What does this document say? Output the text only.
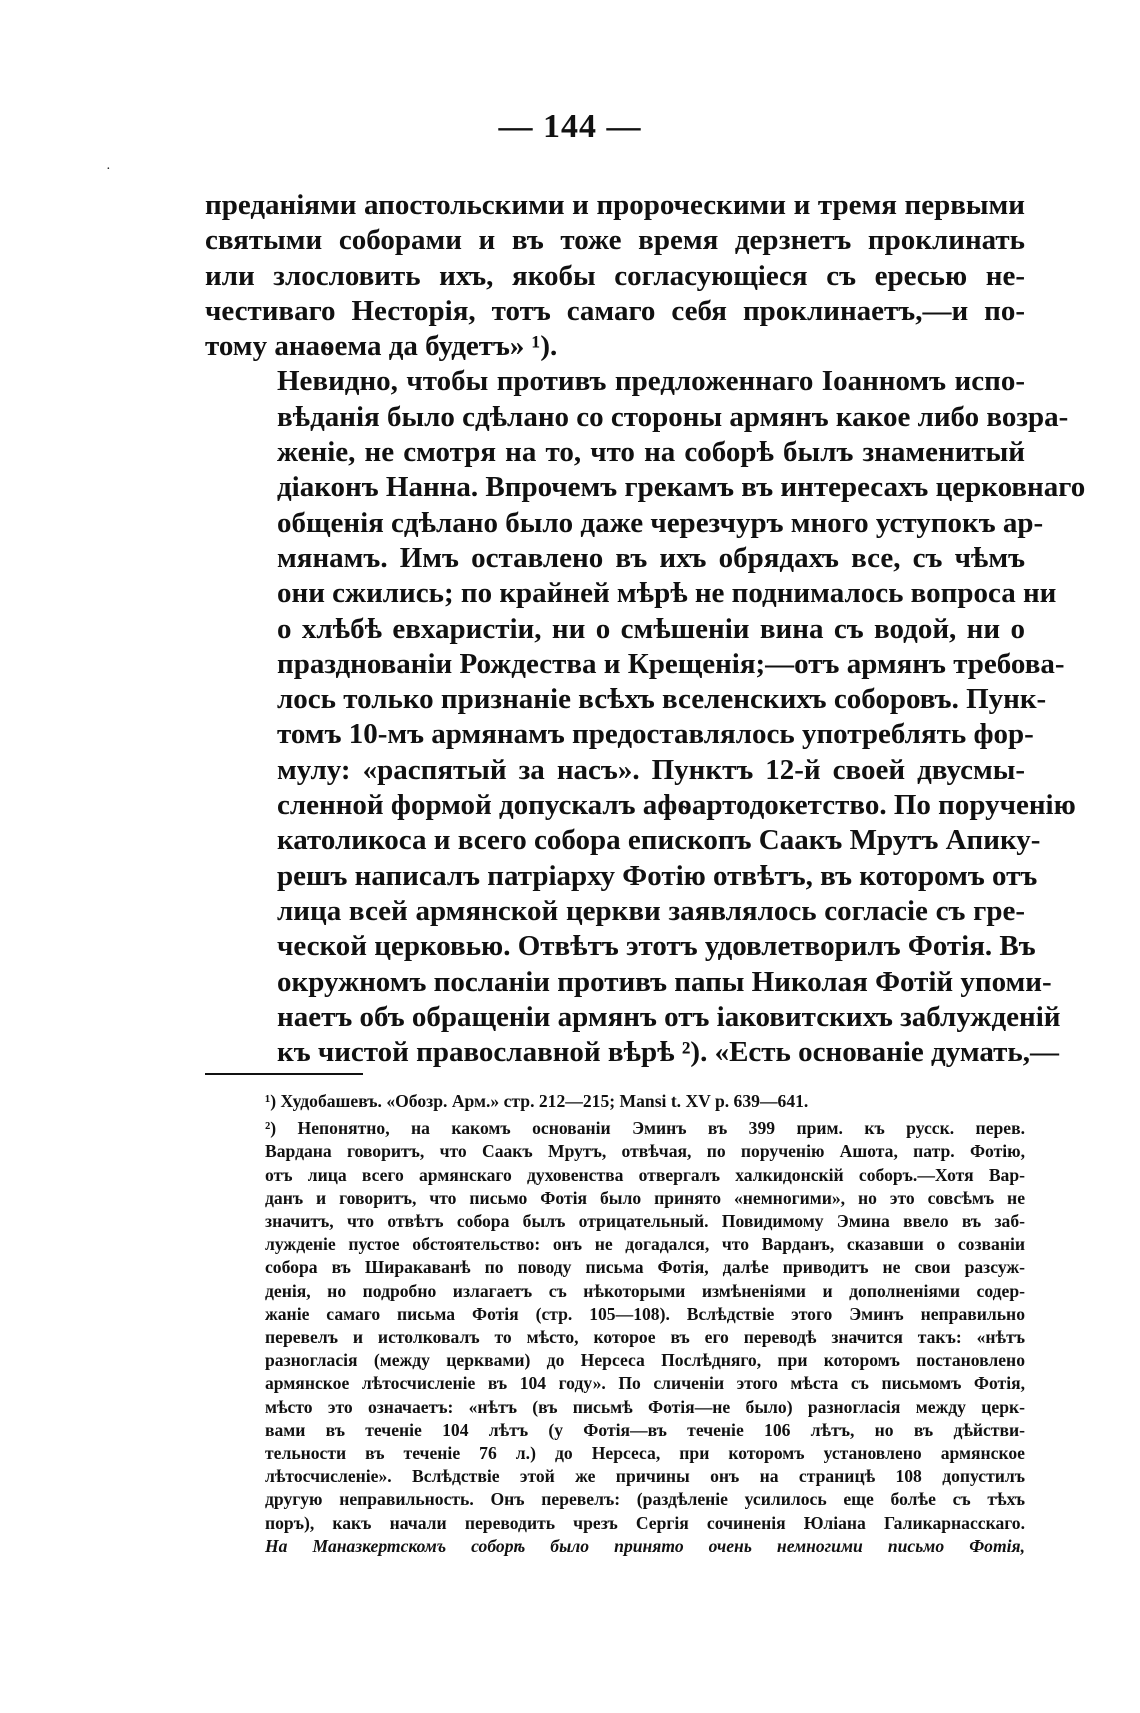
— 144 —
·

преданіями апостольскими и пророческими и тремя первыми
святыми соборами и въ тоже время дерзнетъ проклинать
или злословить ихъ, якобы согласующіеся съ ересью не-
честиваго Несторія, тотъ самаго себя проклинаетъ,—и по-
тому анаѳема да будетъ» ¹).

Невидно, чтобы противъ предложеннаго Іоанномъ испо-
вѣданія было сдѣлано со стороны армянъ какое либо возра-
женіе, не смотря на то, что на соборѣ былъ знаменитый
діаконъ Нанна. Впрочемъ грекамъ въ интересахъ церковнаго
общенія сдѣлано было даже черезчуръ много уступокъ ар-
мянамъ. Имъ оставлено въ ихъ обрядахъ все, съ чѣмъ
они сжились; по крайней мѣрѣ не поднималось вопроса ни
о хлѣбѣ евхаристіи, ни о смѣшеніи вина съ водой, ни о
празднованіи Рождества и Крещенія;—отъ армянъ требова-
лось только признаніе всѣхъ вселенскихъ соборовъ. Пунк-
томъ 10-мъ армянамъ предоставлялось употреблять фор-
мулу: «распятый за насъ». Пунктъ 12-й своей двусмы-
сленной формой допускалъ афѳартодокетство. По порученію
католикоса и всего собора епископъ Саакъ Мрутъ Апику-
решъ написалъ патріарху Фотію отвѣтъ, въ которомъ отъ
лица всей армянской церкви заявлялось согласіе съ гре-
ческой церковью. Отвѣтъ этотъ удовлетворилъ Фотія. Въ
окружномъ посланіи противъ папы Николая Фотій упоми-
наетъ объ обращеніи армянъ отъ іаковитскихъ заблужденій
къ чистой православной вѣрѣ ²). «Есть основаніе думать,—

¹) Худобашевъ. «Обозр. Арм.» стр. 212—215; Mansi t. XV p. 639—641.

²) Непонятно, на какомъ основаніи Эминъ въ 399 прим. къ русск. перев.
Вардана говоритъ, что Саакъ Мрутъ, отвѣчая, по порученію Ашота, патр. Фотію,
отъ лица всего армянскаго духовенства отвергалъ халкидонскій соборъ.—Хотя Вар-
данъ и говоритъ, что письмо Фотія было принято «немногими», но это совсѣмъ не
значитъ, что отвѣтъ собора былъ отрицательный. Повидимому Эмина ввело въ заб-
лужденіе пустое обстоятельство: онъ не догадался, что Варданъ, сказавши о созваніи
собора въ Ширакаванѣ по поводу письма Фотія, далѣе приводитъ не свои разсуж-
денія, но подробно излагаетъ съ нѣкоторыми измѣненіями и дополненіями содер-
жаніе самаго письма Фотія (стр. 105—108). Вслѣдствіе этого Эминъ неправильно
перевелъ и истолковалъ то мѣсто, которое въ его переводѣ значится такъ: «нѣтъ
разногласія (между церквами) до Нерсеса Послѣдняго, при которомъ постановлено
армянское лѣтосчисленіе въ 104 году». По сличеніи этого мѣста съ письмомъ Фотія,
мѣсто это означаетъ: «нѣтъ (въ письмѣ Фотія—не было) разногласія между церк-
вами въ теченіе 104 лѣтъ (у Фотія—въ теченіе 106 лѣтъ, но въ дѣйстви-
тельности въ теченіе 76 л.) до Нерсеса, при которомъ установлено армянское
лѣтосчисленіе». Вслѣдствіе этой же причины онъ на страницѣ 108 допустилъ
другую неправильность. Онъ перевелъ: (раздѣленіе усилилось еще болѣе съ тѣхъ
поръ), какъ начали переводить чрезъ Сергія сочиненія Юліана Галикарнасскаго.
На Маназкертскомъ соборѣ было принято очень немногими письмо Фотія,
